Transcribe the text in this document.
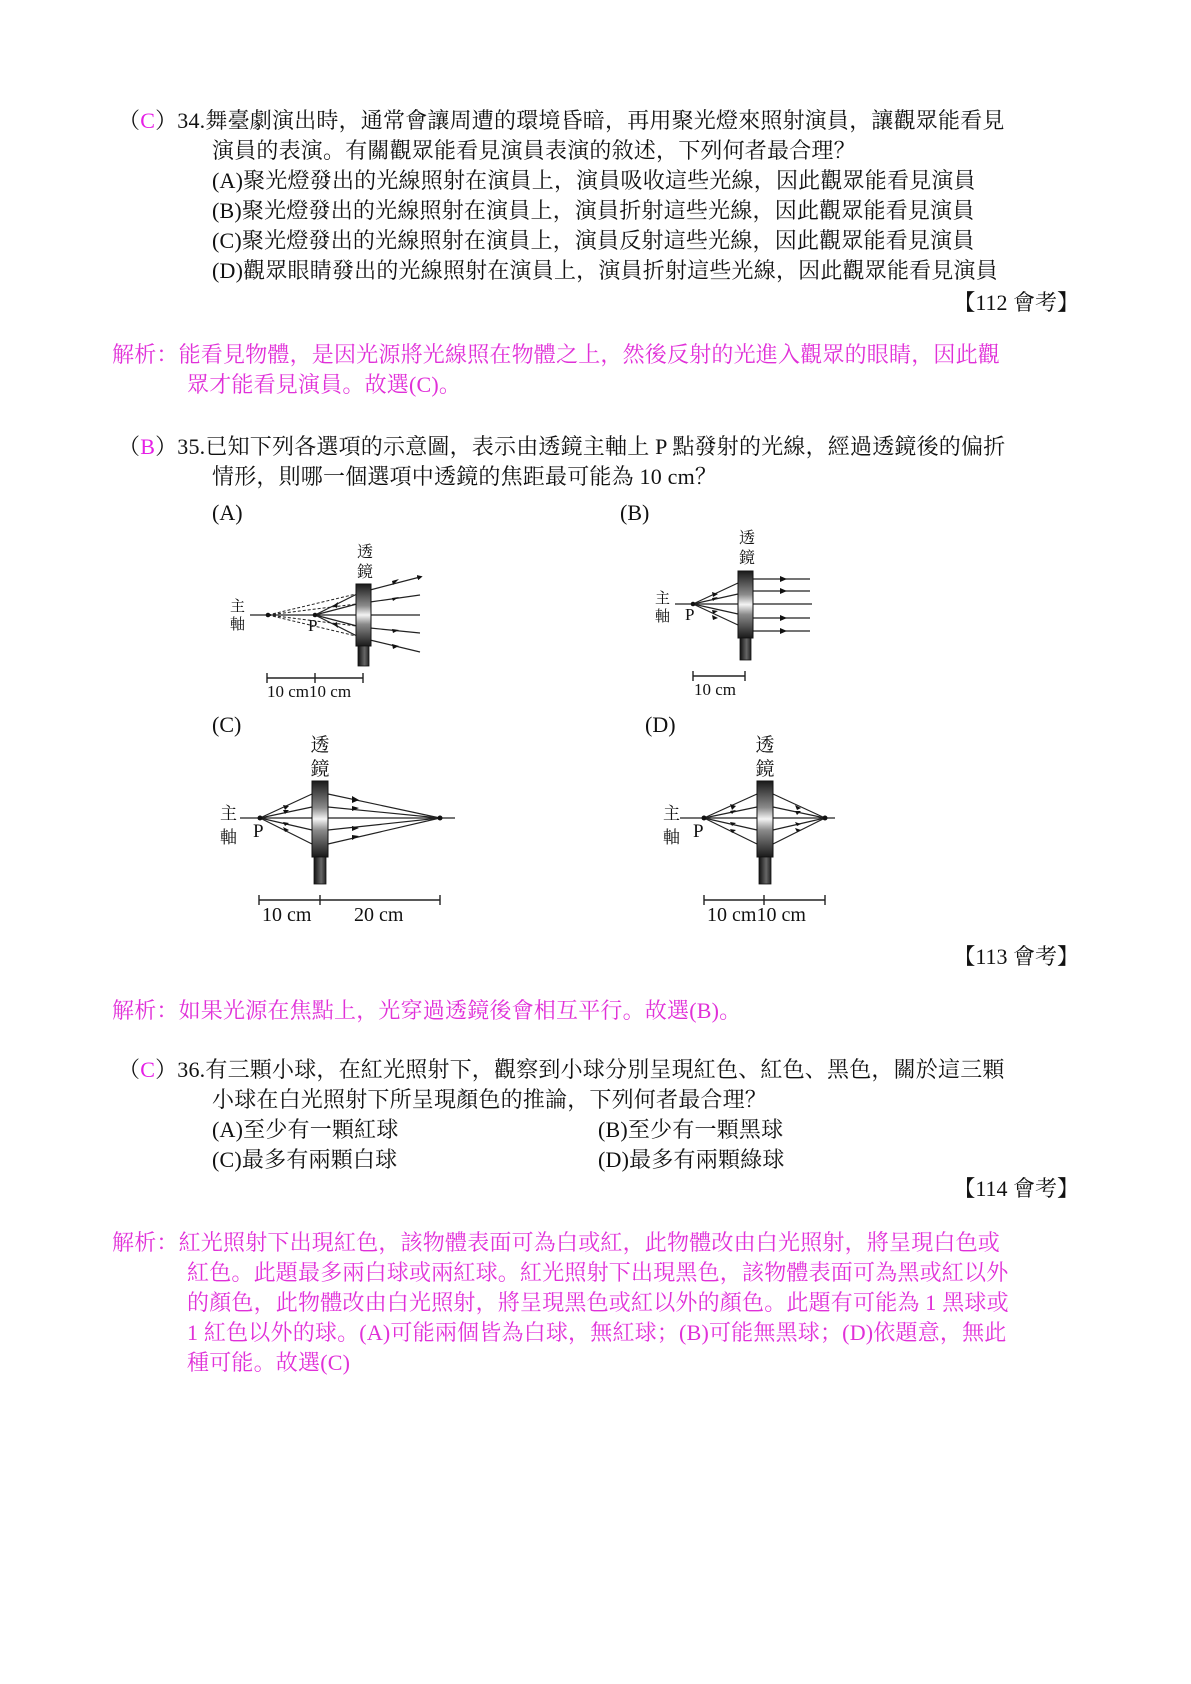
（C）34.舞臺劇演出時，通常會讓周遭的環境昏暗，再用聚光燈來照射演員，讓觀眾能看見
演員的表演。有關觀眾能看見演員表演的敘述，下列何者最合理？
(A)聚光燈發出的光線照射在演員上，演員吸收這些光線，因此觀眾能看見演員
(B)聚光燈發出的光線照射在演員上，演員折射這些光線，因此觀眾能看見演員
(C)聚光燈發出的光線照射在演員上，演員反射這些光線，因此觀眾能看見演員
(D)觀眾眼睛發出的光線照射在演員上，演員折射這些光線，因此觀眾能看見演員
【112 會考】
解析：能看見物體，是因光源將光線照在物體之上，然後反射的光進入觀眾的眼睛，因此觀
眾才能看見演員。故選(C)。
（B）35.已知下列各選項的示意圖，表示由透鏡主軸上 P 點發射的光線，經過透鏡後的偏折
情形，則哪一個選項中透鏡的焦距最可能為 10 cm？
(A)	(B)
(C)	(D)
透鏡
主
軸	P
10 cm10 cm
透鏡
主
軸 P
10 cm
透鏡
主
軸 P
10 cm 20 cm
透鏡
主
軸 P
10 cm10 cm
【113 會考】
解析：如果光源在焦點上，光穿過透鏡後會相互平行。故選(B)。
（C）36.有三顆小球，在紅光照射下，觀察到小球分別呈現紅色、紅色、黑色，關於這三顆
小球在白光照射下所呈現顏色的推論，下列何者最合理？
(A)至少有一顆紅球	(B)至少有一顆黑球
(C)最多有兩顆白球	(D)最多有兩顆綠球
【114 會考】
解析：紅光照射下出現紅色，該物體表面可為白或紅，此物體改由白光照射，將呈現白色或
紅色。此題最多兩白球或兩紅球。紅光照射下出現黑色，該物體表面可為黑或紅以外
的顏色，此物體改由白光照射，將呈現黑色或紅以外的顏色。此題有可能為 1 黑球或
1 紅色以外的球。(A)可能兩個皆為白球，無紅球；(B)可能無黑球；(D)依題意，無此
種可能。故選(C)
